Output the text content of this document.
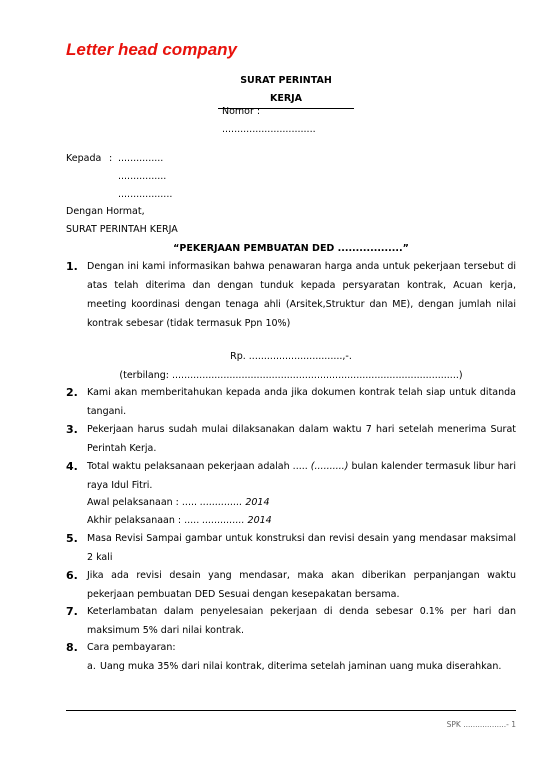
Letter head company
SURAT PERINTAH
KERJA
Nomor :
...............................
Kepada : ...............
................
..................
Dengan Hormat,
SURAT PERINTAH KERJA
“PEKERJAAN PEMBUATAN DED ..................”
1. Dengan ini kami informasikan bahwa penawaran harga anda untuk pekerjaan tersebut di atas telah diterima dan dengan tunduk kepada persyaratan kontrak, Acuan kerja, meeting koordinasi dengan tenaga ahli (Arsitek,Struktur dan ME), dengan jumlah nilai kontrak sebesar (tidak termasuk Ppn 10%)
Rp. ...............................,-.
(terbilang: ...............................................................................................)
2. Kami akan memberitahukan kepada anda jika dokumen kontrak telah siap untuk ditanda tangani.
3. Pekerjaan harus sudah mulai dilaksanakan dalam waktu 7 hari setelah menerima Surat Perintah Kerja.
4. Total waktu pelaksanaan pekerjaan adalah ..... (..........) bulan kalender termasuk libur hari raya Idul Fitri.
Awal pelaksanaan : ..... .............. 2014
Akhir pelaksanaan : ..... .............. 2014
5. Masa Revisi Sampai gambar untuk konstruksi dan revisi desain yang mendasar maksimal 2 kali
6. Jika ada revisi desain yang mendasar, maka akan diberikan perpanjangan waktu pekerjaan pembuatan DED Sesuai dengan kesepakatan bersama.
7. Keterlambatan dalam penyelesaian pekerjaan di denda sebesar 0.1% per hari dan maksimum 5% dari nilai kontrak.
8. Cara pembayaran:
a. Uang muka 35% dari nilai kontrak, diterima setelah jaminan uang muka diserahkan.
SPK ..................- 1
